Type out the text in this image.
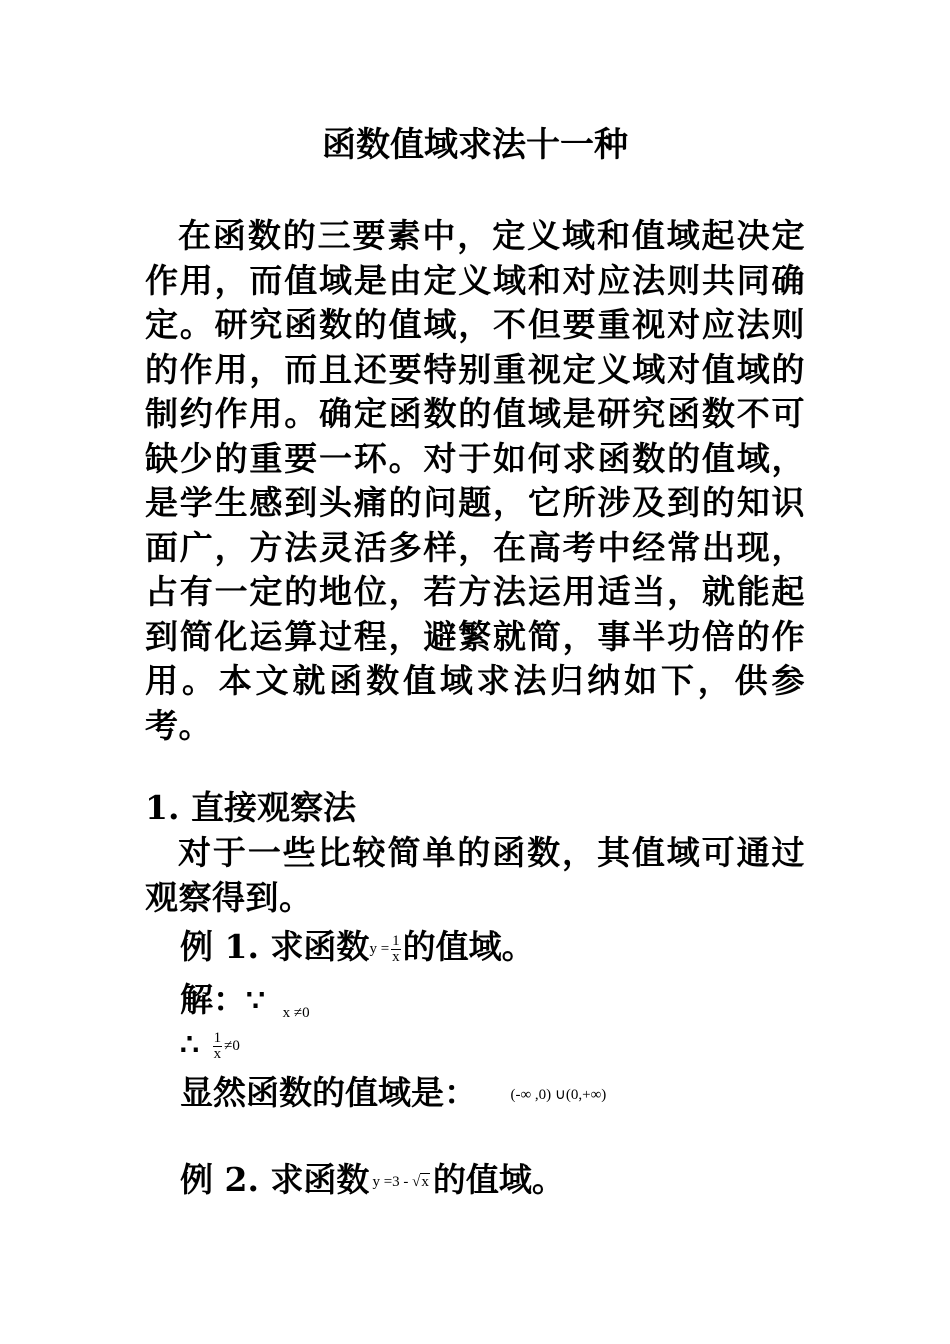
函数值域求法十一种
在函数的三要素中，定义域和值域起决定作用，而值域是由定义域和对应法则共同确定。研究函数的值域，不但要重视对应法则的作用，而且还要特别重视定义域对值域的制约作用。确定函数的值域是研究函数不可缺少的重要一环。对于如何求函数的值域，是学生感到头痛的问题，它所涉及到的知识面广，方法灵活多样，在高考中经常出现，占有一定的地位，若方法运用适当，就能起到简化运算过程，避繁就简，事半功倍的作用。本文就函数值域求法归纳如下，供参考。
1. 直接观察法
对于一些比较简单的函数，其值域可通过观察得到。
例 1. 求函数$y = \frac{1}{x}$ 的值域。
解：∵ x ≠0
∴ $\frac{1}{x} \ne 0$
显然函数的值域是： (-∞ ,0) ∪(0,+∞)
例 2. 求函数 y =3 - √x 的值域。
